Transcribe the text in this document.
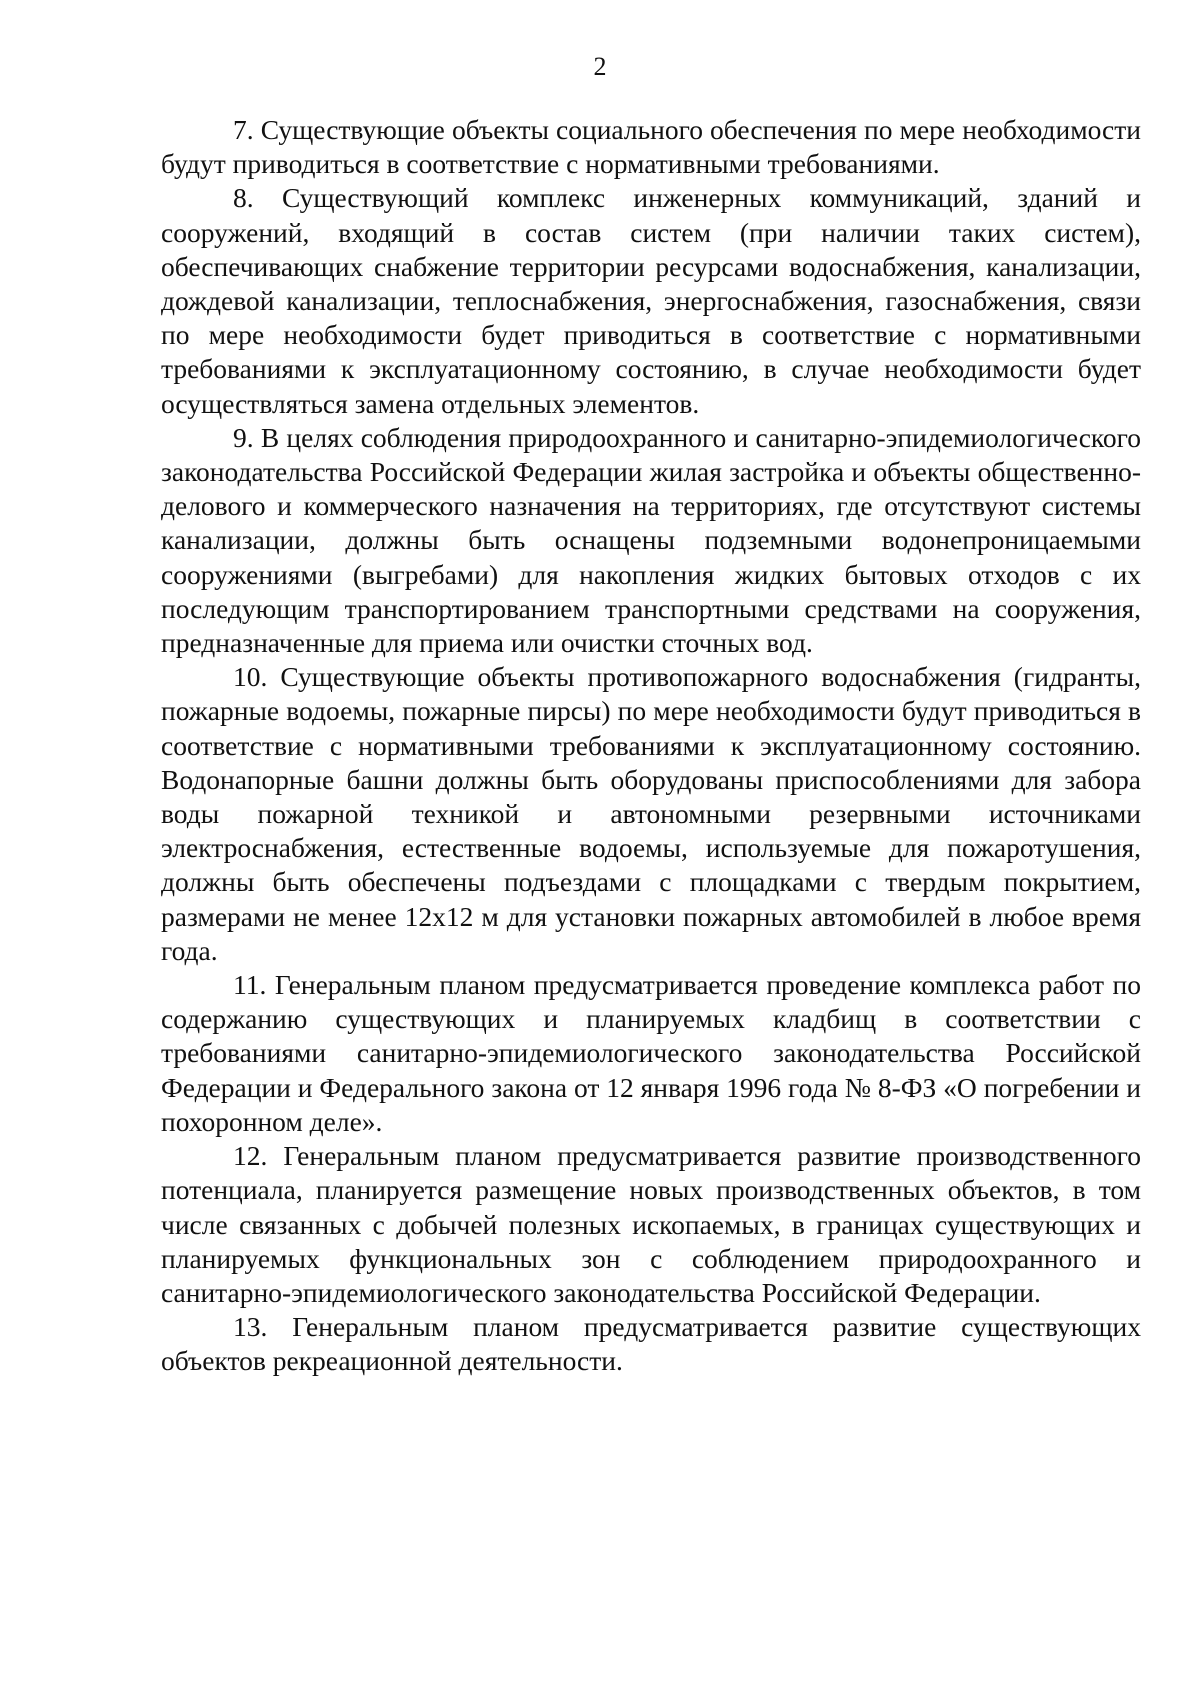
2

7. Существующие объекты социального обеспечения по мере необходимости будут приводиться в соответствие с нормативными требованиями.

8. Существующий комплекс инженерных коммуникаций, зданий и сооружений, входящий в состав систем (при наличии таких систем), обеспечивающих снабжение территории ресурсами водоснабжения, канализации, дождевой канализации, теплоснабжения, энергоснабжения, газоснабжения, связи по мере необходимости будет приводиться в соответствие с нормативными требованиями к эксплуатационному состоянию, в случае необходимости будет осуществляться замена отдельных элементов.

9. В целях соблюдения природоохранного и санитарно-эпидемиологического законодательства Российской Федерации жилая застройка и объекты общественно-делового и коммерческого назначения на территориях, где отсутствуют системы канализации, должны быть оснащены подземными водонепроницаемыми сооружениями (выгребами) для накопления жидких бытовых отходов с их последующим транспортированием транспортными средствами на сооружения, предназначенные для приема или очистки сточных вод.

10. Существующие объекты противопожарного водоснабжения (гидранты, пожарные водоемы, пожарные пирсы) по мере необходимости будут приводиться в соответствие с нормативными требованиями к эксплуатационному состоянию. Водонапорные башни должны быть оборудованы приспособлениями для забора воды пожарной техникой и автономными резервными источниками электроснабжения, естественные водоемы, используемые для пожаротушения, должны быть обеспечены подъездами с площадками с твердым покрытием, размерами не менее 12х12 м для установки пожарных автомобилей в любое время года.

11. Генеральным планом предусматривается проведение комплекса работ по содержанию существующих и планируемых кладбищ в соответствии с требованиями санитарно-эпидемиологического законодательства Российской Федерации и Федерального закона от 12 января 1996 года № 8-ФЗ «О погребении и похоронном деле».

12. Генеральным планом предусматривается развитие производственного потенциала, планируется размещение новых производственных объектов, в том числе связанных с добычей полезных ископаемых, в границах существующих и планируемых функциональных зон с соблюдением природоохранного и санитарно-эпидемиологического законодательства Российской Федерации.

13. Генеральным планом предусматривается развитие существующих объектов рекреационной деятельности.
